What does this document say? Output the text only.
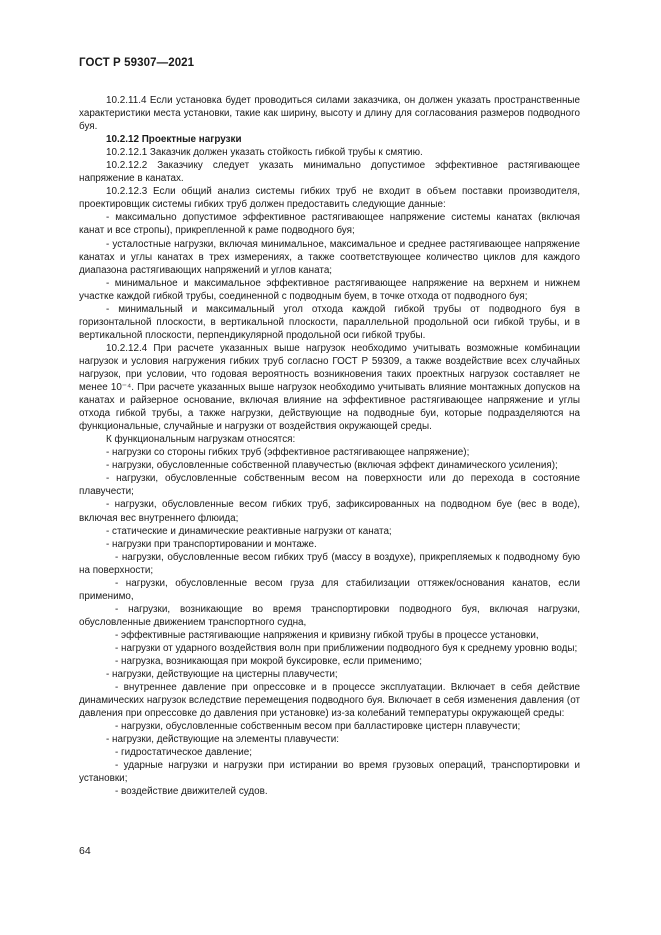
ГОСТ Р 59307—2021

10.2.11.4 Если установка будет проводиться силами заказчика, он должен указать пространственные характеристики места установки, такие как ширину, высоту и длину для согласования размеров подводного буя.

10.2.12 Проектные нагрузки

10.2.12.1 Заказчик должен указать стойкость гибкой трубы к смятию.

10.2.12.2 Заказчику следует указать минимально допустимое эффективное растягивающее напряжение в канатах.

10.2.12.3 Если общий анализ системы гибких труб не входит в объем поставки производителя, проектировщик системы гибких труб должен предоставить следующие данные:

- максимально допустимое эффективное растягивающее напряжение системы канатах (включая канат и все стропы), прикрепленной к раме подводного буя;

- усталостные нагрузки, включая минимальное, максимальное и среднее растягивающее напряжение канатах и углы канатах в трех измерениях, а также соответствующее количество циклов для каждого диапазона растягивающих напряжений и углов каната;

- минимальное и максимальное эффективное растягивающее напряжение на верхнем и нижнем участке каждой гибкой трубы, соединенной с подводным буем, в точке отхода от подводного буя;

- минимальный и максимальный угол отхода каждой гибкой трубы от подводного буя в горизонтальной плоскости, в вертикальной плоскости, параллельной продольной оси гибкой трубы, и в вертикальной плоскости, перпендикулярной продольной оси гибкой трубы.

10.2.12.4 При расчете указанных выше нагрузок необходимо учитывать возможные комбинации нагрузок и условия нагружения гибких труб согласно ГОСТ Р 59309, а также воздействие всех случайных нагрузок, при условии, что годовая вероятность возникновения таких проектных нагрузок составляет не менее 10⁻⁴. При расчете указанных выше нагрузок необходимо учитывать влияние монтажных допусков на канатах и райзерное основание, включая влияние на эффективное растягивающее напряжение и углы отхода гибкой трубы, а также нагрузки, действующие на подводные буи, которые подразделяются на функциональные, случайные и нагрузки от воздействия окружающей среды.

К функциональным нагрузкам относятся:

- нагрузки со стороны гибких труб (эффективное растягивающее напряжение);

- нагрузки, обусловленные собственной плавучестью (включая эффект динамического усиления);

- нагрузки, обусловленные собственным весом на поверхности или до перехода в состояние плавучести;

- нагрузки, обусловленные весом гибких труб, зафиксированных на подводном буе (вес в воде), включая вес внутреннего флюида;

- статические и динамические реактивные нагрузки от каната;

- нагрузки при транспортировании и монтаже.

- нагрузки, обусловленные весом гибких труб (массу в воздухе), прикрепляемых к подводному бую на поверхности;

- нагрузки, обусловленные весом груза для стабилизации оттяжек/основания канатов, если применимо,

- нагрузки, возникающие во время транспортировки подводного буя, включая нагрузки, обусловленные движением транспортного судна,

- эффективные растягивающие напряжения и кривизну гибкой трубы в процессе установки,

- нагрузки от ударного воздействия волн при приближении подводного буя к среднему уровню воды;

- нагрузка, возникающая при мокрой буксировке, если применимо;

- нагрузки, действующие на цистерны плавучести;

- внутреннее давление при опрессовке и в процессе эксплуатации. Включает в себя действие динамических нагрузок вследствие перемещения подводного буя. Включает в себя изменения давления (от давления при опрессовке до давления при установке) из-за колебаний температуры окружающей среды:

- нагрузки, обусловленные собственным весом при балластировке цистерн плавучести;

- нагрузки, действующие на элементы плавучести:

- гидростатическое давление;

- ударные нагрузки и нагрузки при истирании во время грузовых операций, транспортировки и установки;

- воздействие движителей судов.

64
